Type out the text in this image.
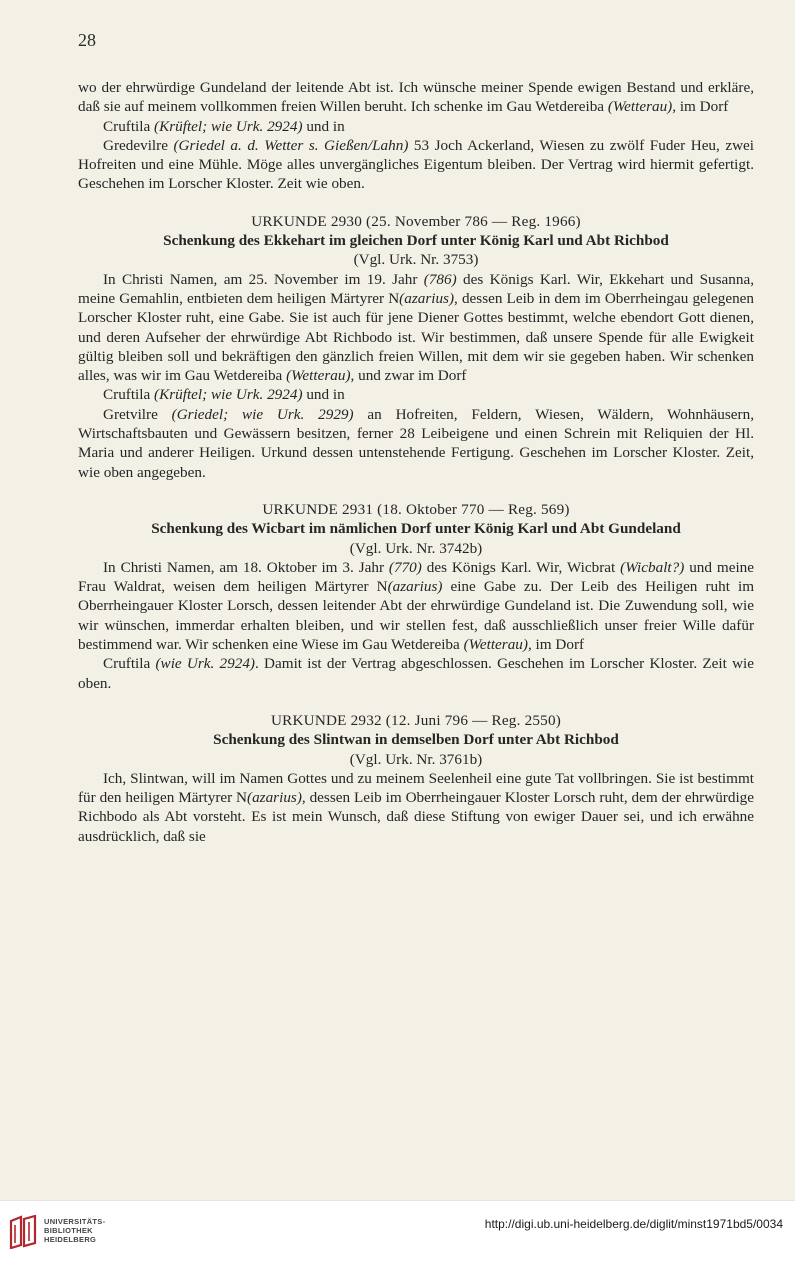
28

wo der ehrwürdige Gundeland der leitende Abt ist. Ich wünsche meiner Spende ewigen Bestand und erkläre, daß sie auf meinem vollkommen freien Willen beruht. Ich schenke im Gau Wetdereiba (Wetterau), im Dorf

Cruftila (Krüftel; wie Urk. 2924) und in

Gredevilre (Griedel a. d. Wetter s. Gießen/Lahn) 53 Joch Ackerland, Wiesen zu zwölf Fuder Heu, zwei Hofreiten und eine Mühle. Möge alles unvergängliches Eigentum bleiben. Der Vertrag wird hiermit gefertigt. Geschehen im Lorscher Kloster. Zeit wie oben.

URKUNDE 2930 (25. November 786 — Reg. 1966)

Schenkung des Ekkehart im gleichen Dorf unter König Karl und Abt Richbod

(Vgl. Urk. Nr. 3753)

In Christi Namen, am 25. November im 19. Jahr (786) des Königs Karl. Wir, Ekkehart und Susanna, meine Gemahlin, entbieten dem heiligen Märtyrer N(azarius), dessen Leib in dem im Oberrheingau gelegenen Lorscher Kloster ruht, eine Gabe. Sie ist auch für jene Diener Gottes bestimmt, welche ebendort Gott dienen, und deren Aufseher der ehrwürdige Abt Richbodo ist. Wir bestimmen, daß unsere Spende für alle Ewigkeit gültig bleiben soll und bekräftigen den gänzlich freien Willen, mit dem wir sie gegeben haben. Wir schenken alles, was wir im Gau Wetdereiba (Wetterau), und zwar im Dorf

Cruftila (Krüftel; wie Urk. 2924) und in

Gretvilre (Griedel; wie Urk. 2929) an Hofreiten, Feldern, Wiesen, Wäldern, Wohnhäusern, Wirtschaftsbauten und Gewässern besitzen, ferner 28 Leibeigene und einen Schrein mit Reliquien der Hl. Maria und anderer Heiligen. Urkund dessen untenstehende Fertigung. Geschehen im Lorscher Kloster. Zeit, wie oben angegeben.

URKUNDE 2931 (18. Oktober 770 — Reg. 569)

Schenkung des Wicbart im nämlichen Dorf unter König Karl und Abt Gundeland

(Vgl. Urk. Nr. 3742b)

In Christi Namen, am 18. Oktober im 3. Jahr (770) des Königs Karl. Wir, Wicbrat (Wicbalt?) und meine Frau Waldrat, weisen dem heiligen Märtyrer N(azarius) eine Gabe zu. Der Leib des Heiligen ruht im Oberrheingauer Kloster Lorsch, dessen leitender Abt der ehrwürdige Gundeland ist. Die Zuwendung soll, wie wir wünschen, immerdar erhalten bleiben, und wir stellen fest, daß ausschließlich unser freier Wille dafür bestimmend war. Wir schenken eine Wiese im Gau Wetdereiba (Wetterau), im Dorf

Cruftila (wie Urk. 2924). Damit ist der Vertrag abgeschlossen. Geschehen im Lorscher Kloster. Zeit wie oben.

URKUNDE 2932 (12. Juni 796 — Reg. 2550)

Schenkung des Slintwan in demselben Dorf unter Abt Richbod

(Vgl. Urk. Nr. 3761b)

Ich, Slintwan, will im Namen Gottes und zu meinem Seelenheil eine gute Tat vollbringen. Sie ist bestimmt für den heiligen Märtyrer N(azarius), dessen Leib im Oberrheingauer Kloster Lorsch ruht, dem der ehrwürdige Richbodo als Abt vorsteht. Es ist mein Wunsch, daß diese Stiftung von ewiger Dauer sei, und ich erwähne ausdrücklich, daß sie

UNIVERSITÄTS-
BIBLIOTHEK
HEIDELBERG
http://digi.ub.uni-heidelberg.de/diglit/minst1971bd5/0034
